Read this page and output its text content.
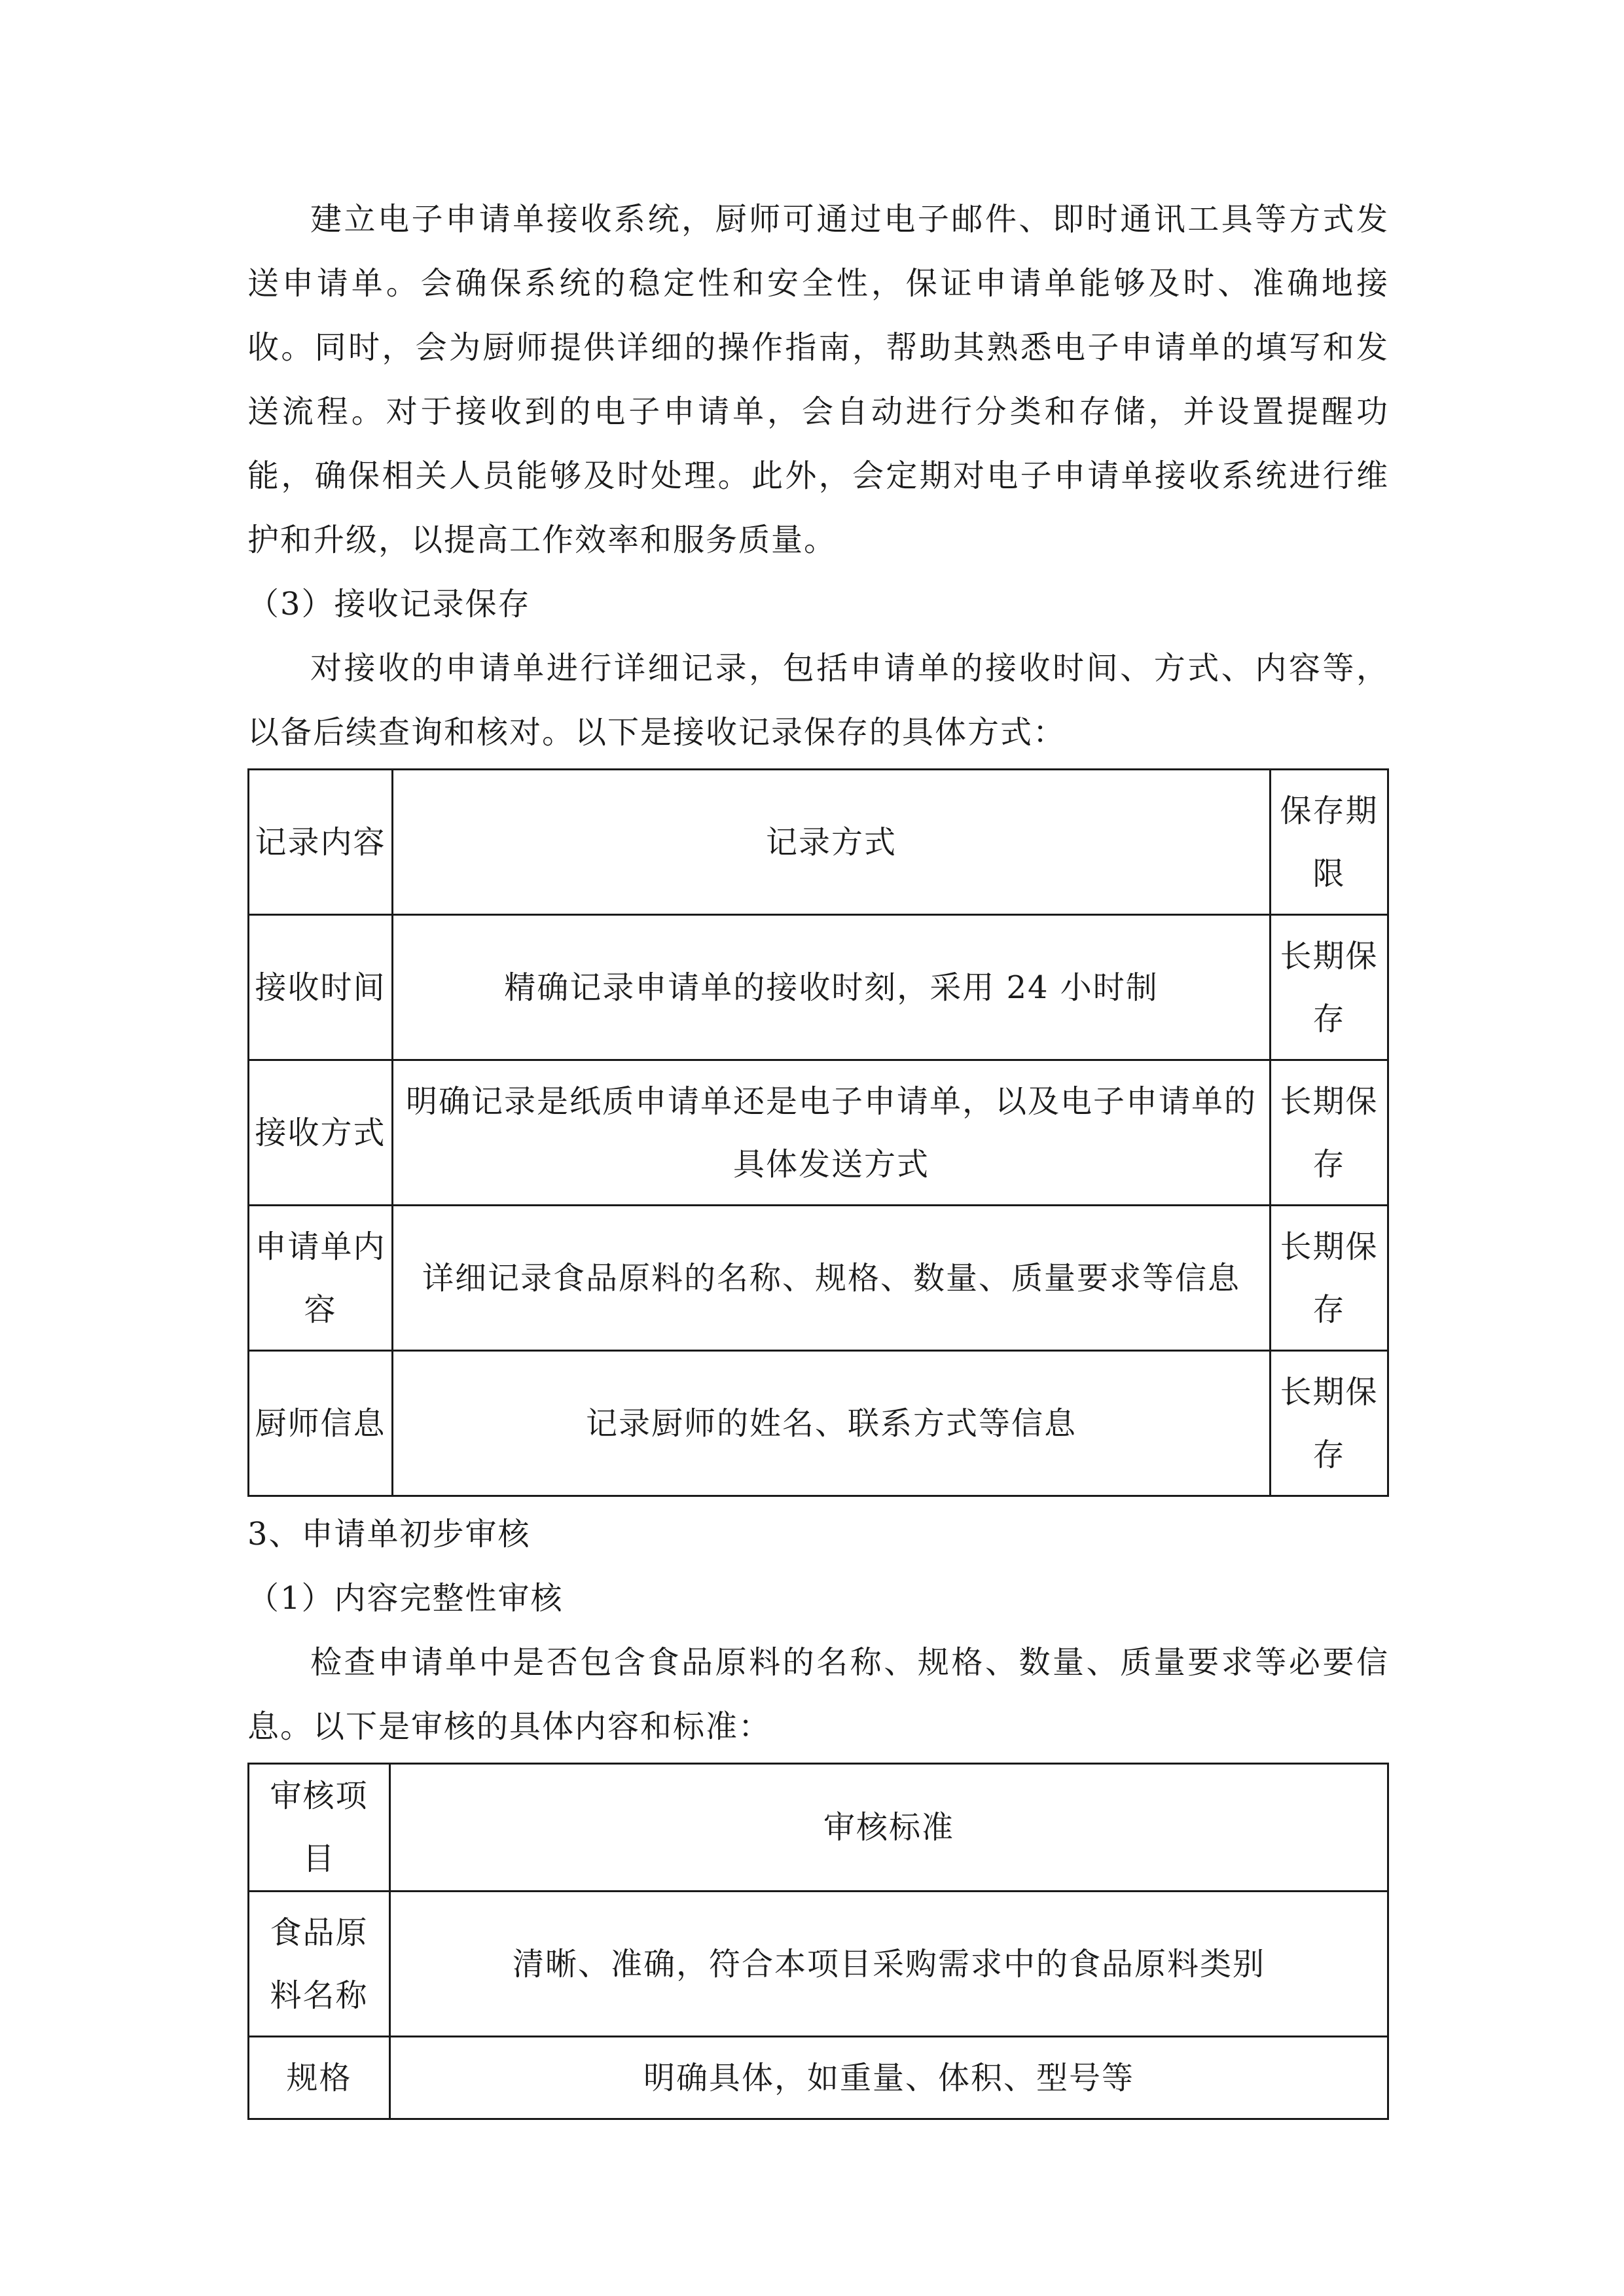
建立电子申请单接收系统，厨师可通过电子邮件、即时通讯工具等方式发送申请单。会确保系统的稳定性和安全性，保证申请单能够及时、准确地接收。同时，会为厨师提供详细的操作指南，帮助其熟悉电子申请单的填写和发送流程。对于接收到的电子申请单，会自动进行分类和存储，并设置提醒功能，确保相关人员能够及时处理。此外，会定期对电子申请单接收系统进行维护和升级，以提高工作效率和服务质量。

（3）接收记录保存

对接收的申请单进行详细记录，包括申请单的接收时间、方式、内容等，以备后续查询和核对。以下是接收记录保存的具体方式：

记录内容	记录方式	保存期限
接收时间	精确记录申请单的接收时刻，采用 24 小时制	长期保存
接收方式	明确记录是纸质申请单还是电子申请单，以及电子申请单的具体发送方式	长期保存
申请单内容	详细记录食品原料的名称、规格、数量、质量要求等信息	长期保存
厨师信息	记录厨师的姓名、联系方式等信息	长期保存

3、申请单初步审核

（1）内容完整性审核

检查申请单中是否包含食品原料的名称、规格、数量、质量要求等必要信息。以下是审核的具体内容和标准：

审核项目	审核标准
食品原料名称	清晰、准确，符合本项目采购需求中的食品原料类别
规格	明确具体，如重量、体积、型号等
